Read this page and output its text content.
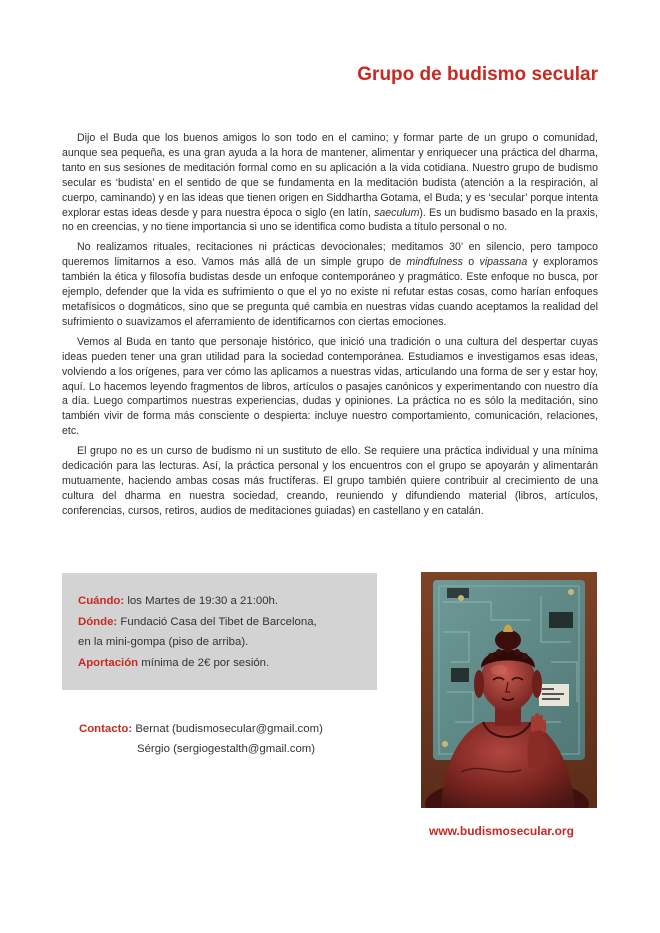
Grupo de budismo secular

Dijo el Buda que los buenos amigos lo son todo en el camino; y formar parte de un grupo o comunidad, aunque sea pequeña, es una gran ayuda a la hora de mantener, alimentar y enriquecer una práctica del dharma, tanto en sus sesiones de meditación formal como en su aplicación a la vida cotidiana. Nuestro grupo de budismo secular es ‘budista’ en el sentido de que se fundamenta en la meditación budista (atención a la respiración, al cuerpo, caminando) y en las ideas que tienen origen en Siddhartha Gotama, el Buda; y es ‘secular’ porque intenta explorar estas ideas desde y para nuestra época o siglo (en latín, saeculum). Es un budismo basado en la praxis, no en creencias, y no tiene importancia si uno se identifica como budista a título personal o no.

No realizamos rituales, recitaciones ni prácticas devocionales; meditamos 30’ en silencio, pero tampoco queremos limitarnos a eso. Vamos más allá de un simple grupo de mindfulness o vipassana y exploramos también la ética y filosofía budistas desde un enfoque contemporáneo y pragmático. Este enfoque no busca, por ejemplo, defender que la vida es sufrimiento o que el yo no existe ni refutar estas cosas, como harían enfoques metafísicos o dogmáticos, sino que se pregunta qué cambia en nuestras vidas cuando aceptamos la realidad del sufrimiento o suavizamos el aferramiento de identificarnos con ciertas emociones.

Vemos al Buda en tanto que personaje histórico, que inició una tradición o una cultura del despertar cuyas ideas pueden tener una gran utilidad para la sociedad contemporánea. Estudiamos e investigamos esas ideas, volviendo a los orígenes, para ver cómo las aplicamos a nuestras vidas, articulando una forma de ser y estar hoy, aquí. Lo hacemos leyendo fragmentos de libros, artículos o pasajes canónicos y experimentando con nuestro día a día. Luego compartimos nuestras experiencias, dudas y opiniones. La práctica no es sólo la meditación, sino también vivir de forma más consciente o despierta: incluye nuestro comportamiento, comunicación, relaciones, etc.

El grupo no es un curso de budismo ni un sustituto de ello. Se requiere una práctica individual y una mínima dedicación para las lecturas. Así, la práctica personal y los encuentros con el grupo se apoyarán y alimentarán mutuamente, haciendo ambas cosas más fructíferas. El grupo también quiere contribuir al crecimiento de una cultura del dharma en nuestra sociedad, creando, reuniendo y difundiendo material (libros, artículos, conferencias, cursos, retiros, audios de meditaciones guiadas) en castellano y en catalán.

Cuándo: los Martes de 19:30 a 21:00h.
Dónde: Fundació Casa del Tibet de Barcelona,
en la mini-gompa (piso de arriba).
Aportación mínima de 2€ por sesión.
Contacto: Bernat (budismosecular@gmail.com)
Sérgio (sergiogestalth@gmail.com)
www.budismosecular.org
